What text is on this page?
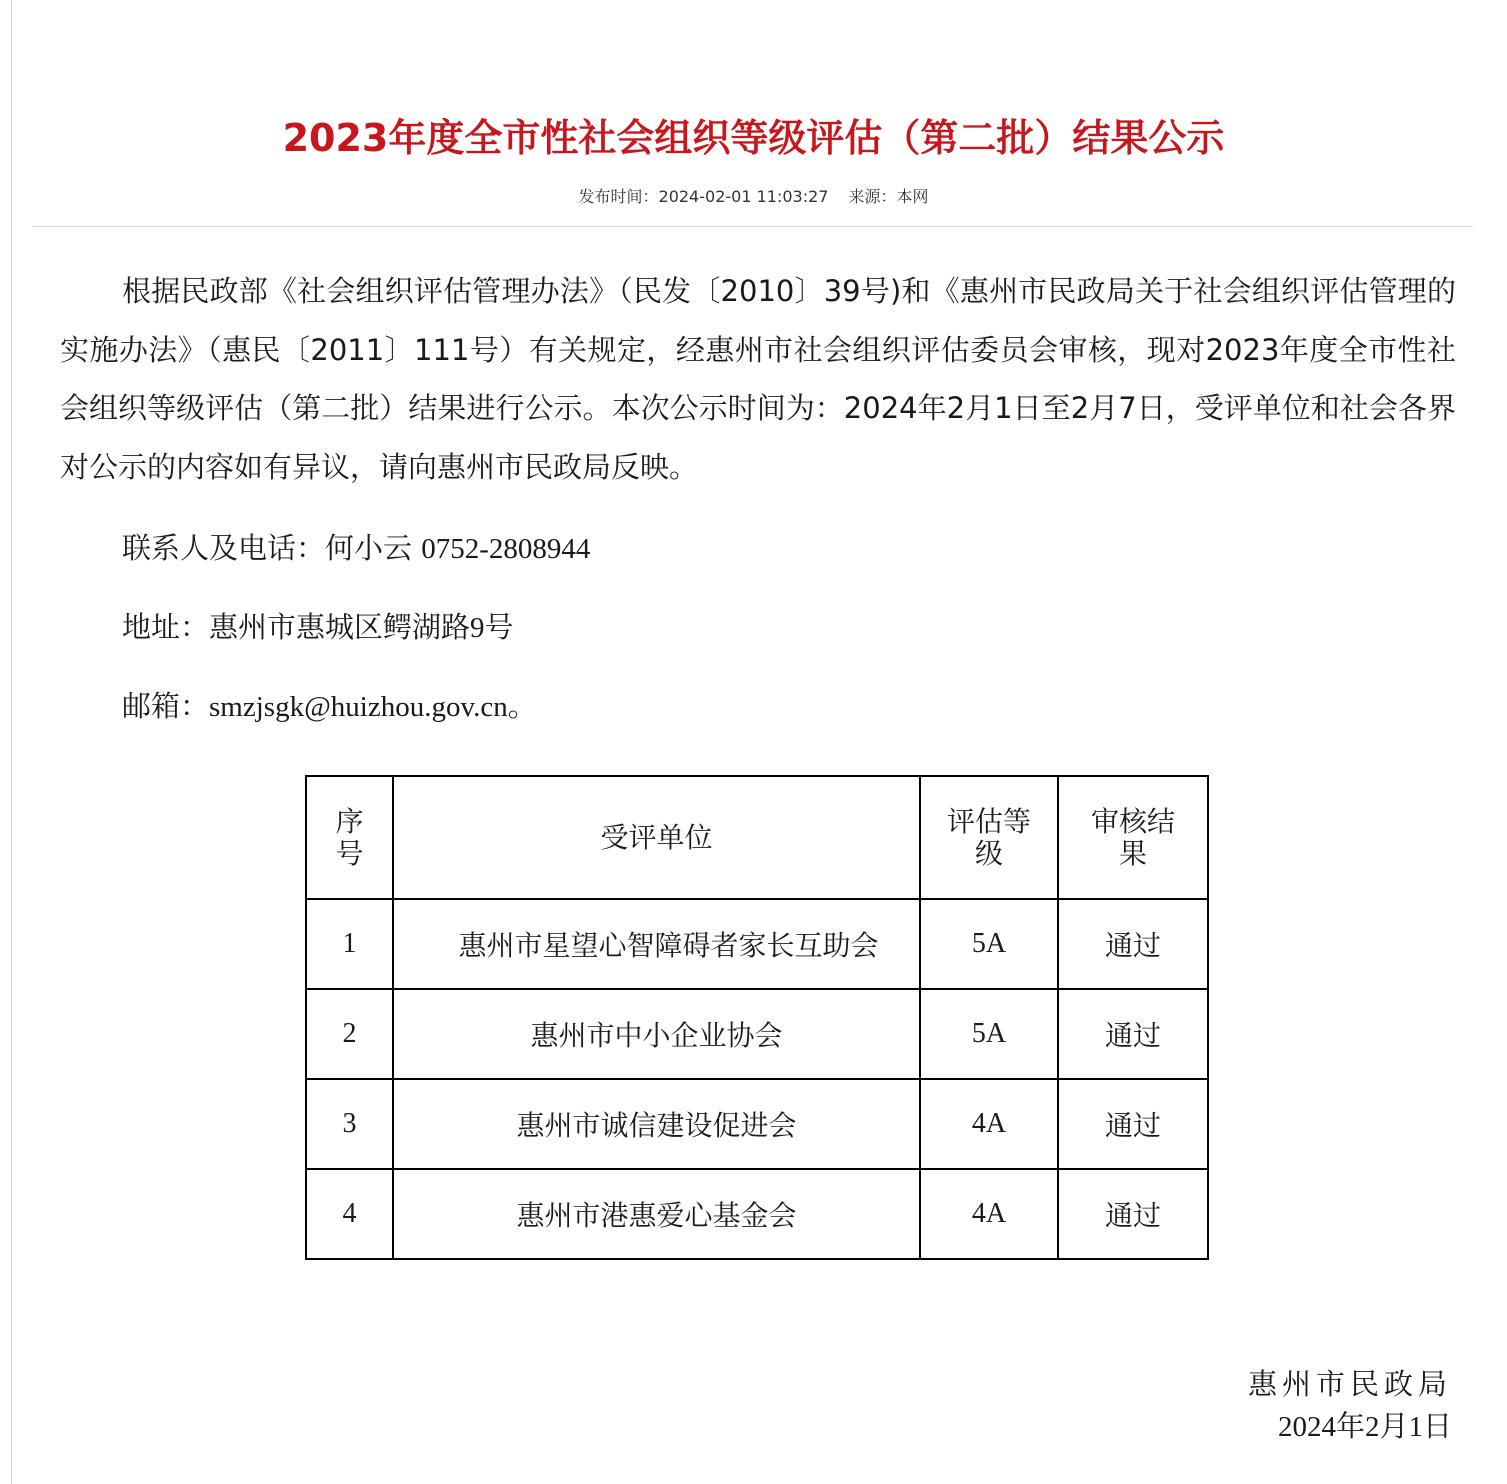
2023年度全市性社会组织等级评估（第二批）结果公示
发布时间：2024-02-01 11:03:27 来源：本网
根据民政部《社会组织评估管理办法》（民发〔2010〕39号)和《惠州市民政局关于社会组织评估管理的实施办法》（惠民〔2011〕111号）有关规定，经惠州市社会组织评估委员会审核，现对2023年度全市性社会组织等级评估（第二批）结果进行公示。本次公示时间为：2024年2月1日至2月7日，受评单位和社会各界对公示的内容如有异议，请向惠州市民政局反映。
联系人及电话：何小云 0752-2808944
地址：惠州市惠城区鳄湖路9号
邮箱：smzjsgk@huizhou.gov.cn。
序号	受评单位	评估等级	审核结果
1	惠州市星望心智障碍者家长互助会	5A	通过
2	惠州市中小企业协会	5A	通过
3	惠州市诚信建设促进会	4A	通过
4	惠州市港惠爱心基金会	4A	通过
惠州市民政局
2024年2月1日
